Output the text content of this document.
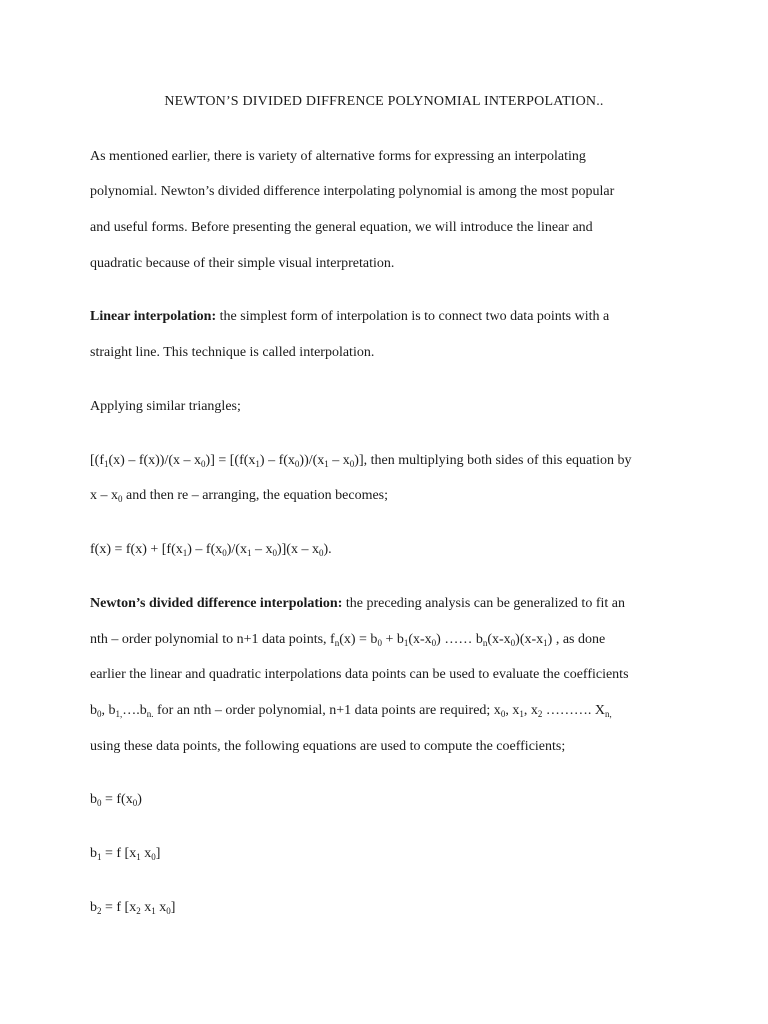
NEWTON’S DIVIDED DIFFRENCE POLYNOMIAL INTERPOLATION..
As mentioned earlier, there is variety of alternative forms for expressing an interpolating
polynomial. Newton’s divided difference interpolating polynomial is among the most popular
and useful forms. Before presenting the general equation, we will introduce the linear and
quadratic because of their simple visual interpretation.
Linear interpolation: the simplest form of interpolation is to connect two data points with a
straight line. This technique is called interpolation.
Applying similar triangles;
$[(f_1(x) - f(x))/(x - x_0)] = [(f(x_1) - f(x_0))/(x_1 - x_0)]$, then multiplying both sides of this equation by
x – $x_0$ and then re – arranging, the equation becomes;
$f(x) = f(x) + [f(x_1) - f(x_0)/(x_1 - x_0)](x - x_0)$.
Newton’s divided difference interpolation: the preceding analysis can be generalized to fit an
nth – order polynomial to n+1 data points, $f_n(x) = b_0 + b_1(x-x_0)$ …… $b_n(x-x_0)(x-x_1)$ , as done
earlier the linear and quadratic interpolations data points can be used to evaluate the coefficients
$b_0$, $b_{1,}\dots.b_{n.}$ for an nth – order polynomial, n+1 data points are required; $x_0$, $x_1$, $x_2$ ………. $X_{n,}$
using these data points, the following equations are used to compute the coefficients;
$b_0 = f(x_0)$
$b_1 = f$ [$x_1$ $x_0$]
$b_2 = f$ [$x_2$ $x_1$ $x_0$]
